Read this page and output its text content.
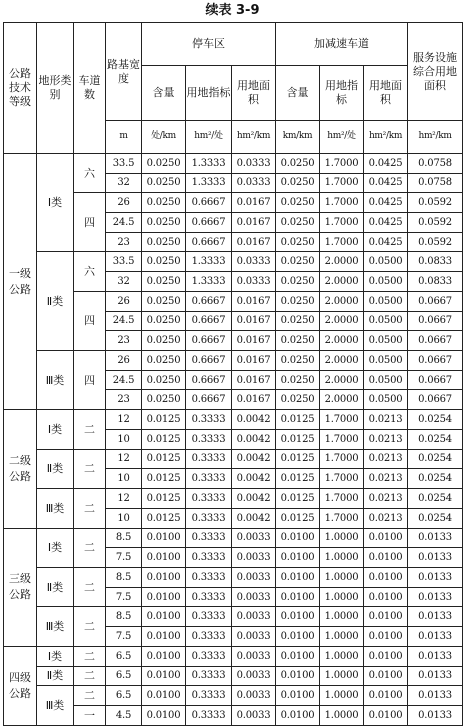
续表 3-9
公路技术等级	地形类别	车道数	路基宽度	停车区			加减速车道			服务设施综合用地面积
				含量	用地指标	用地面积	含量	用地指标	用地面积	
			m	处/km	hm²/处	hm²/km	km/km	hm²/处	hm²/km	hm²/km
一级公路	Ⅰ类	六	33.5	0.0250	1.3333	0.0333	0.0250	1.7000	0.0425	0.0758
			32	0.0250	1.3333	0.0333	0.0250	1.7000	0.0425	0.0758
		四	26	0.0250	0.6667	0.0167	0.0250	1.7000	0.0425	0.0592
			24.5	0.0250	0.6667	0.0167	0.0250	1.7000	0.0425	0.0592
			23	0.0250	0.6667	0.0167	0.0250	1.7000	0.0425	0.0592
	Ⅱ类	六	33.5	0.0250	1.3333	0.0333	0.0250	2.0000	0.0500	0.0833
			32	0.0250	1.3333	0.0333	0.0250	2.0000	0.0500	0.0833
		四	26	0.0250	0.6667	0.0167	0.0250	2.0000	0.0500	0.0667
			24.5	0.0250	0.6667	0.0167	0.0250	2.0000	0.0500	0.0667
			23	0.0250	0.6667	0.0167	0.0250	2.0000	0.0500	0.0667
	Ⅲ类	四	26	0.0250	0.6667	0.0167	0.0250	2.0000	0.0500	0.0667
			24.5	0.0250	0.6667	0.0167	0.0250	2.0000	0.0500	0.0667
			23	0.0250	0.6667	0.0167	0.0250	2.0000	0.0500	0.0667
二级公路	Ⅰ类	二	12	0.0125	0.3333	0.0042	0.0125	1.7000	0.0213	0.0254
			10	0.0125	0.3333	0.0042	0.0125	1.7000	0.0213	0.0254
	Ⅱ类	二	12	0.0125	0.3333	0.0042	0.0125	1.7000	0.0213	0.0254
			10	0.0125	0.3333	0.0042	0.0125	1.7000	0.0213	0.0254
	Ⅲ类	二	12	0.0125	0.3333	0.0042	0.0125	1.7000	0.0213	0.0254
			10	0.0125	0.3333	0.0042	0.0125	1.7000	0.0213	0.0254
三级公路	Ⅰ类	二	8.5	0.0100	0.3333	0.0033	0.0100	1.0000	0.0100	0.0133
			7.5	0.0100	0.3333	0.0033	0.0100	1.0000	0.0100	0.0133
	Ⅱ类	二	8.5	0.0100	0.3333	0.0033	0.0100	1.0000	0.0100	0.0133
			7.5	0.0100	0.3333	0.0033	0.0100	1.0000	0.0100	0.0133
	Ⅲ类	二	8.5	0.0100	0.3333	0.0033	0.0100	1.0000	0.0100	0.0133
			7.5	0.0100	0.3333	0.0033	0.0100	1.0000	0.0100	0.0133
四级公路	Ⅰ类	二	6.5	0.0100	0.3333	0.0033	0.0100	1.0000	0.0100	0.0133
	Ⅱ类	二	6.5	0.0100	0.3333	0.0033	0.0100	1.0000	0.0100	0.0133
	Ⅲ类	二	6.5	0.0100	0.3333	0.0033	0.0100	1.0000	0.0100	0.0133
		一	4.5	0.0100	0.3333	0.0033	0.0100	1.0000	0.0100	0.0133
